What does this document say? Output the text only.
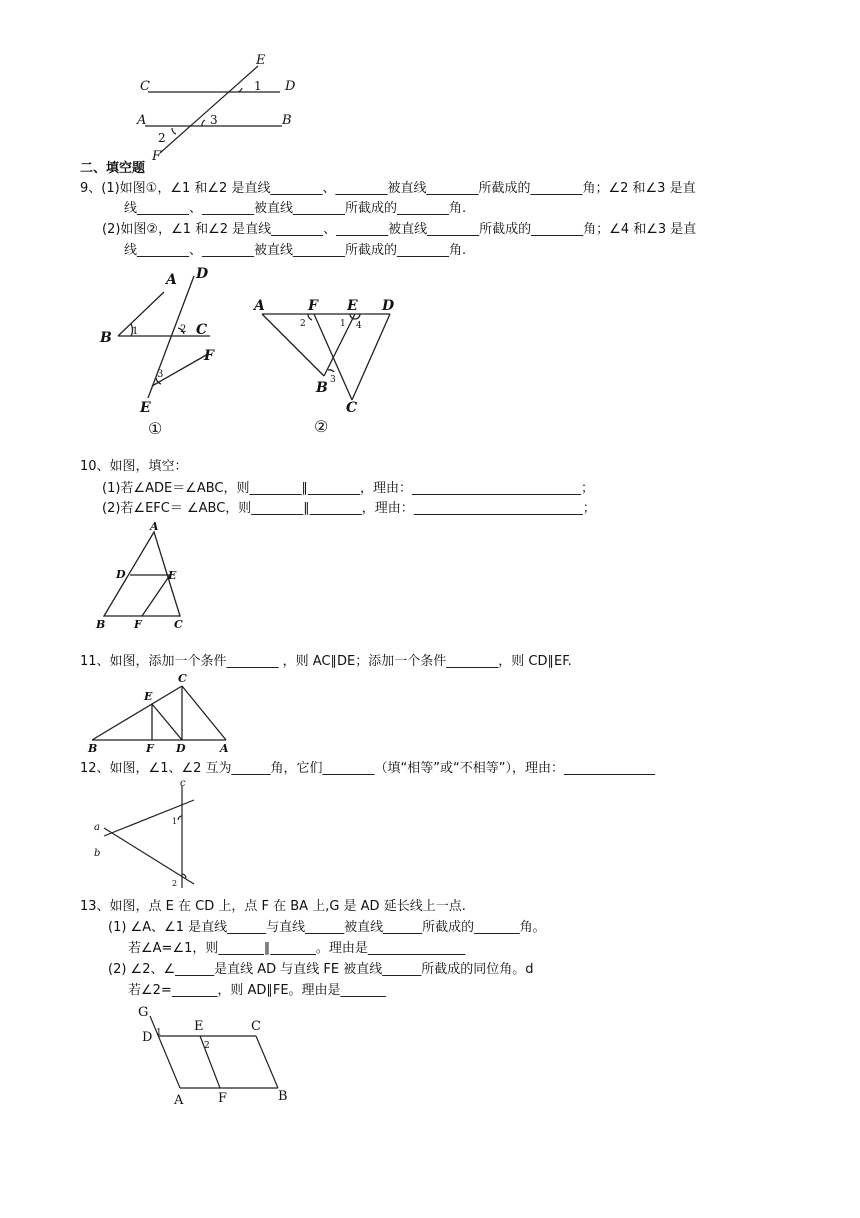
E
C	D
A	B
F
1
3
2
二、填空题
9、(1)如图①，∠1 和∠2 是直线________、________被直线________所截成的________角；∠2 和∠3 是直
线________、________被直线________所截成的________角.
(2)如图②，∠1 和∠2 是直线________、________被直线________所截成的________角；∠4 和∠3 是直
线________、________被直线________所截成的________角.
A D
B	C
F
E
1	2
3
①
A	F E D
B
C
2	1 4
3
②
10、如图，填空：
(1)若∠ADE＝∠ABC，则________∥________，理由：__________________________；
(2)若∠EFC＝ ∠ABC，则________∥________，理由：__________________________；
A
D	E
B	F	C
11、如图，添加一个条件________ ，则 AC∥DE；添加一个条件________，则 CD∥EF.
C
E
B	F D	A
12、如图，∠1、∠2 互为______角，它们________（填“相等”或“不相等”），理由：______________
c
a
b
1
2
13、如图，点 E 在 CD 上，点 F 在 BA 上,G 是 AD 延长线上一点.
(1) ∠A、∠1 是直线______与直线______被直线______所截成的_______角。
若∠A=∠1，则_______∥_______。理由是_______________
(2) ∠2、∠______是直线 AD 与直线 FE 被直线______所截成的同位角。d
若∠2=_______，则 AD∥FE。理由是_______
G
D 1 E
2
C
A	F	B
